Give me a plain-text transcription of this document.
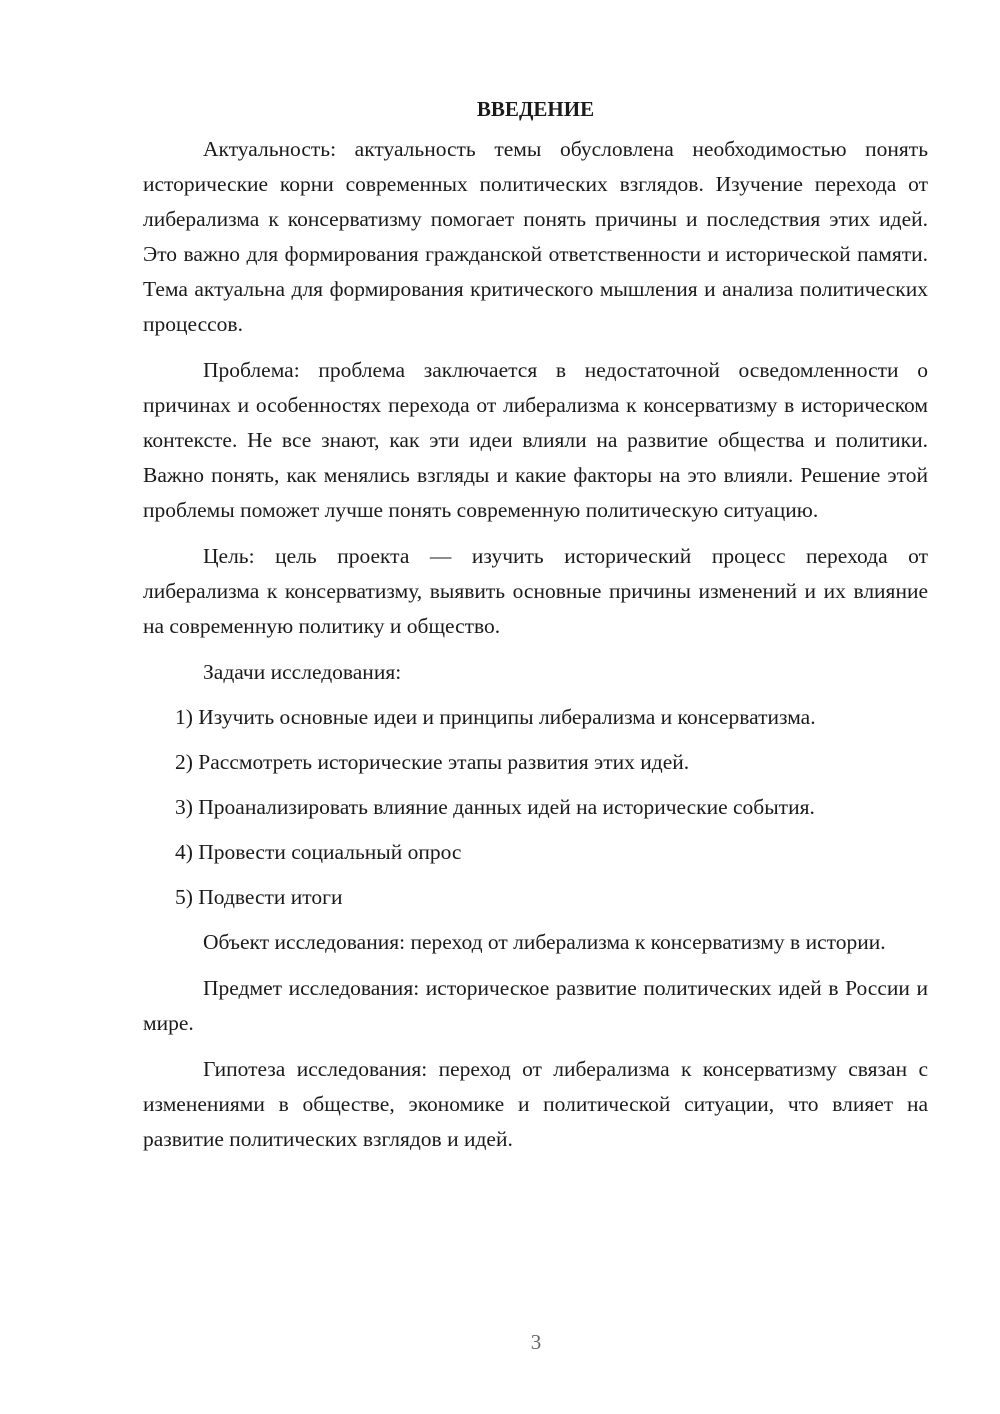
ВВЕДЕНИЕ

Актуальность: актуальность темы обусловлена необходимостью понять исторические корни современных политических взглядов. Изучение перехода от либерализма к консерватизму помогает понять причины и последствия этих идей. Это важно для формирования гражданской ответственности и исторической памяти. Тема актуальна для формирования критического мышления и анализа политических процессов.

Проблема: проблема заключается в недостаточной осведомленности о причинах и особенностях перехода от либерализма к консерватизму в историческом контексте. Не все знают, как эти идеи влияли на развитие общества и политики. Важно понять, как менялись взгляды и какие факторы на это влияли. Решение этой проблемы поможет лучше понять современную политическую ситуацию.

Цель: цель проекта — изучить исторический процесс перехода от либерализма к консерватизму, выявить основные причины изменений и их влияние на современную политику и общество.

Задачи исследования:

1) Изучить основные идеи и принципы либерализма и консерватизма.

2) Рассмотреть исторические этапы развития этих идей.

3) Проанализировать влияние данных идей на исторические события.

4) Провести социальный опрос

5) Подвести итоги

Объект исследования: переход от либерализма к консерватизму в истории.

Предмет исследования: историческое развитие политических идей в России и мире.

Гипотеза исследования: переход от либерализма к консерватизму связан с изменениями в обществе, экономике и политической ситуации, что влияет на развитие политических взглядов и идей.

3
